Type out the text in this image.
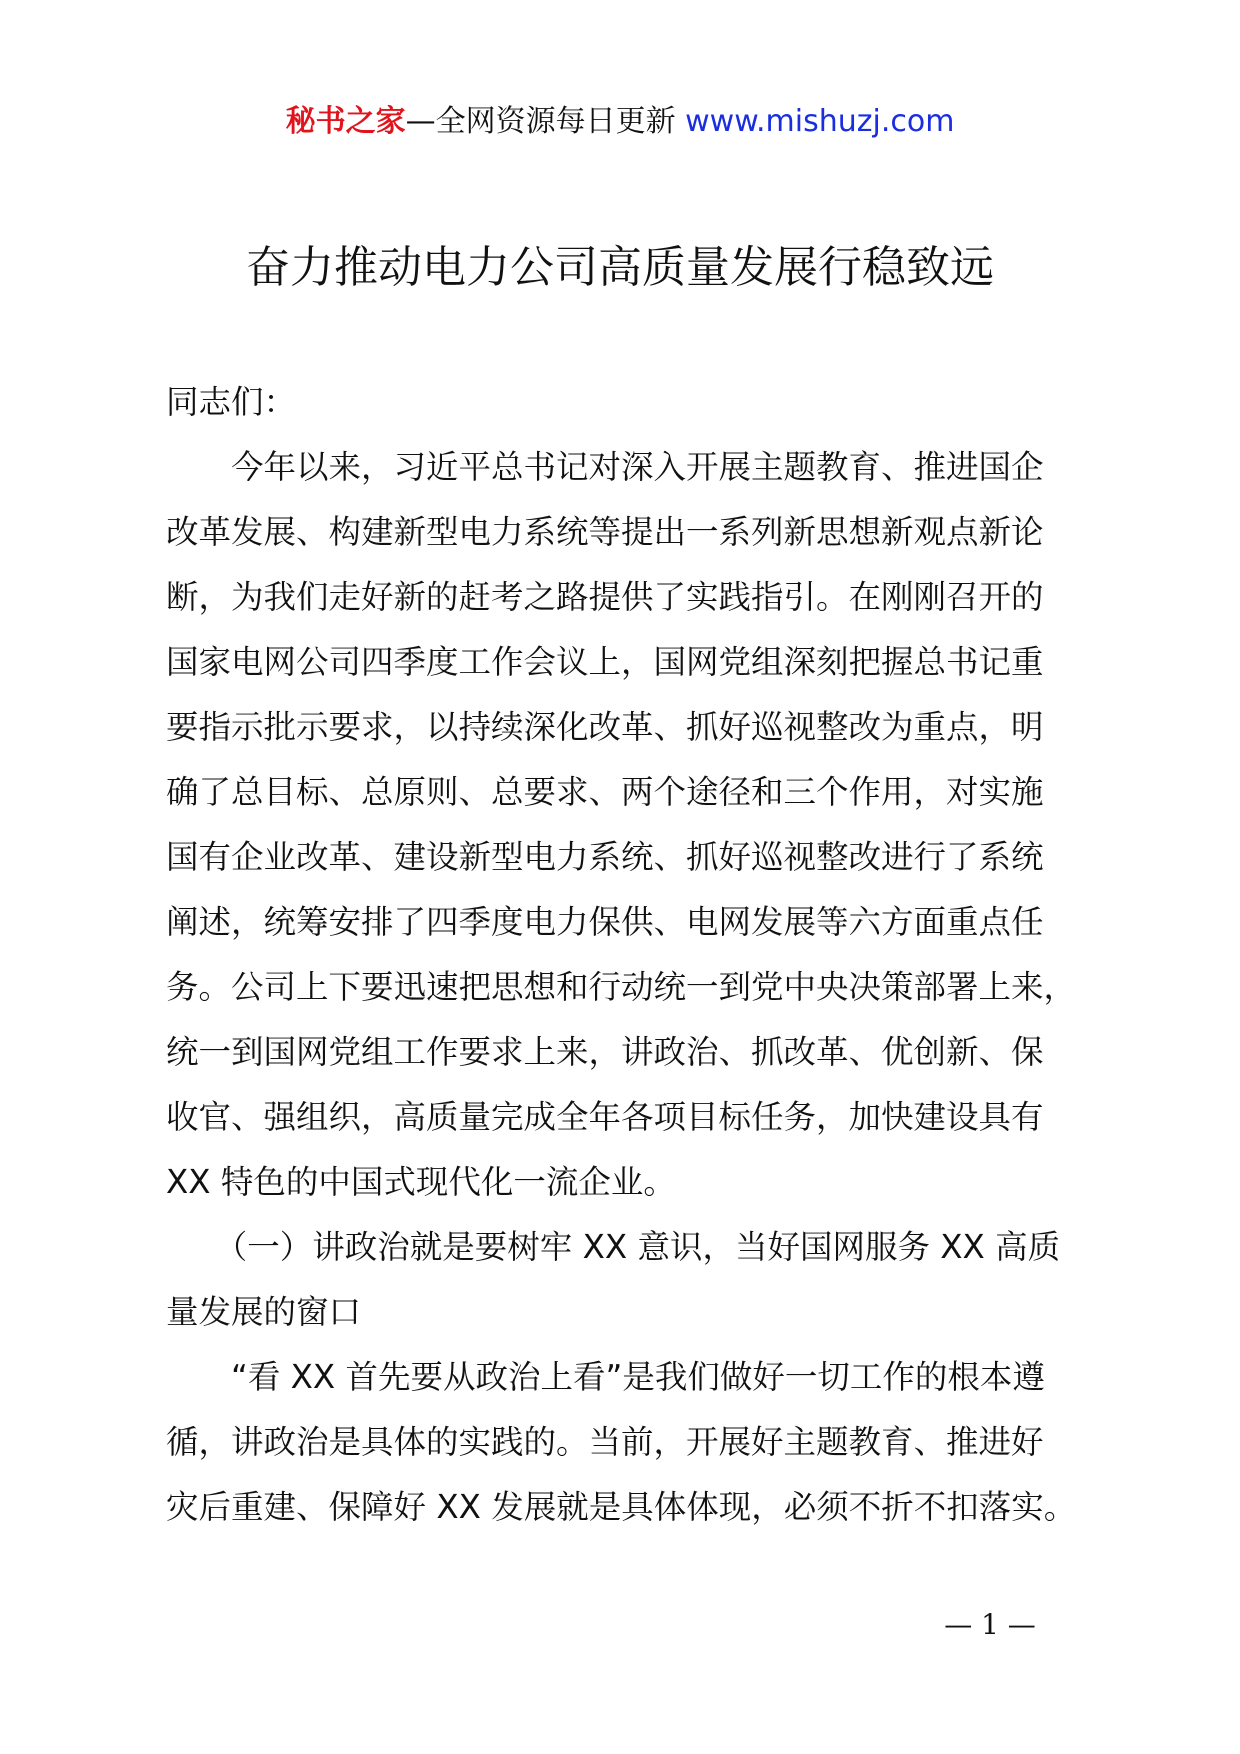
秘书之家—全网资源每日更新 www.mishuzj.com
奋力推动电力公司高质量发展行稳致远
同志们：
　　今年以来，习近平总书记对深入开展主题教育、推进国企
改革发展、构建新型电力系统等提出一系列新思想新观点新论
断，为我们走好新的赶考之路提供了实践指引。在刚刚召开的
国家电网公司四季度工作会议上，国网党组深刻把握总书记重
要指示批示要求，以持续深化改革、抓好巡视整改为重点，明
确了总目标、总原则、总要求、两个途径和三个作用，对实施
国有企业改革、建设新型电力系统、抓好巡视整改进行了系统
阐述，统筹安排了四季度电力保供、电网发展等六方面重点任
务。公司上下要迅速把思想和行动统一到党中央决策部署上来，
统一到国网党组工作要求上来，讲政治、抓改革、优创新、保
收官、强组织，高质量完成全年各项目标任务，加快建设具有
XX 特色的中国式现代化一流企业。
　　（一）讲政治就是要树牢 XX 意识，当好国网服务 XX 高质
量发展的窗口
　　“看 XX 首先要从政治上看”是我们做好一切工作的根本遵
循，讲政治是具体的实践的。当前，开展好主题教育、推进好
灾后重建、保障好 XX 发展就是具体体现，必须不折不扣落实。
— 1 —
